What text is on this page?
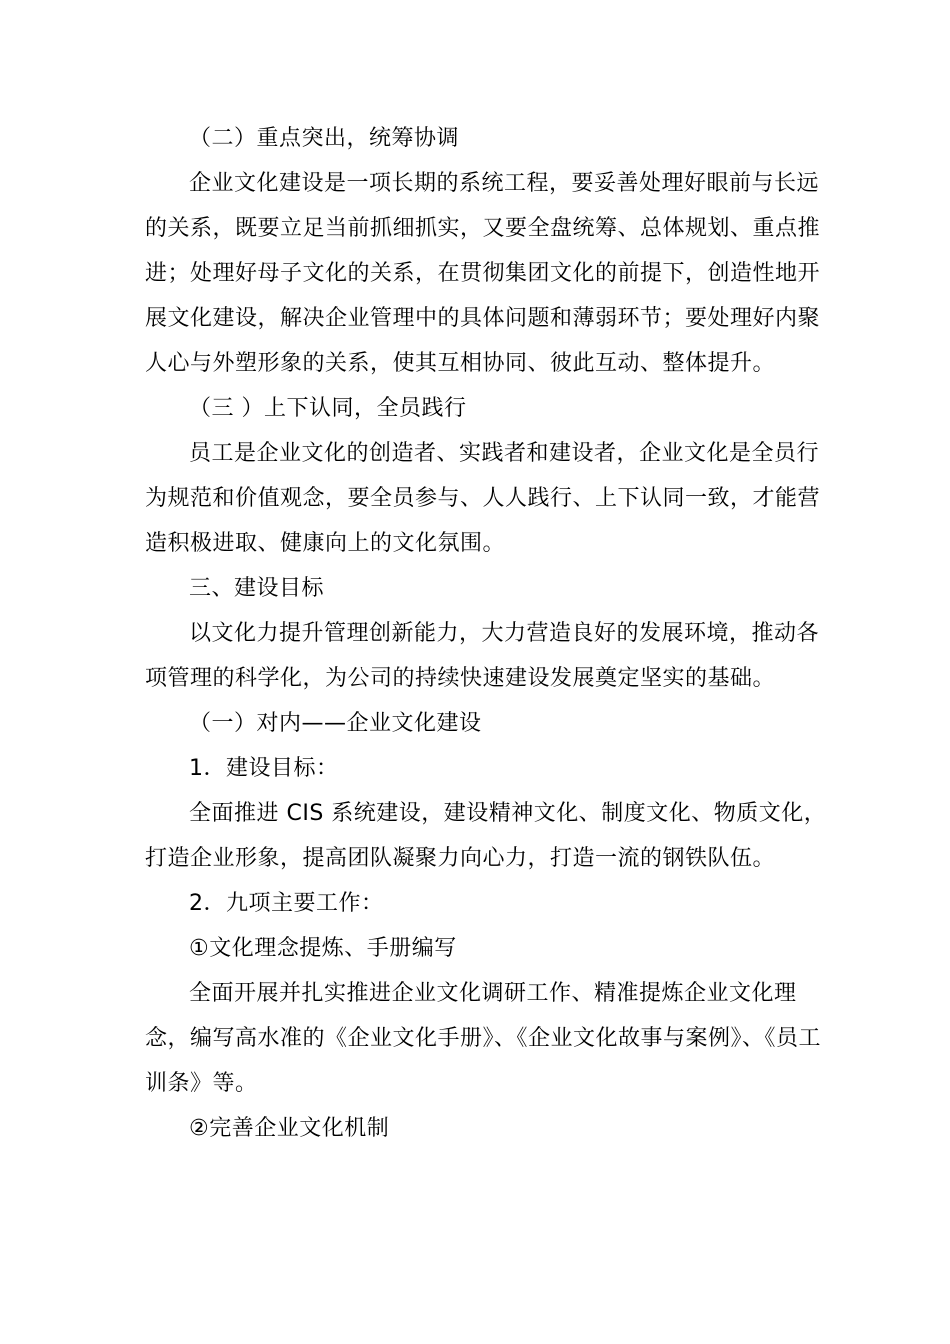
（二）重点突出，统筹协调

企业文化建设是一项长期的系统工程，要妥善处理好眼前与长远的关系，既要立足当前抓细抓实，又要全盘统筹、总体规划、重点推进；处理好母子文化的关系，在贯彻集团文化的前提下，创造性地开展文化建设，解决企业管理中的具体问题和薄弱环节；要处理好内聚人心与外塑形象的关系，使其互相协同、彼此互动、整体提升。

（三 ）上下认同，全员践行

员工是企业文化的创造者、实践者和建设者，企业文化是全员行为规范和价值观念，要全员参与、人人践行、上下认同一致，才能营造积极进取、健康向上的文化氛围。

三、建设目标

以文化力提升管理创新能力，大力营造良好的发展环境，推动各项管理的科学化，为公司的持续快速建设发展奠定坚实的基础。

（一）对内——企业文化建设

1．建设目标：

全面推进 CIS 系统建设，建设精神文化、制度文化、物质文化，打造企业形象，提高团队凝聚力向心力，打造一流的钢铁队伍。

2．九项主要工作：

①文化理念提炼、手册编写

全面开展并扎实推进企业文化调研工作、精准提炼企业文化理念，编写高水准的《企业文化手册》、《企业文化故事与案例》、《员工训条》等。

②完善企业文化机制
